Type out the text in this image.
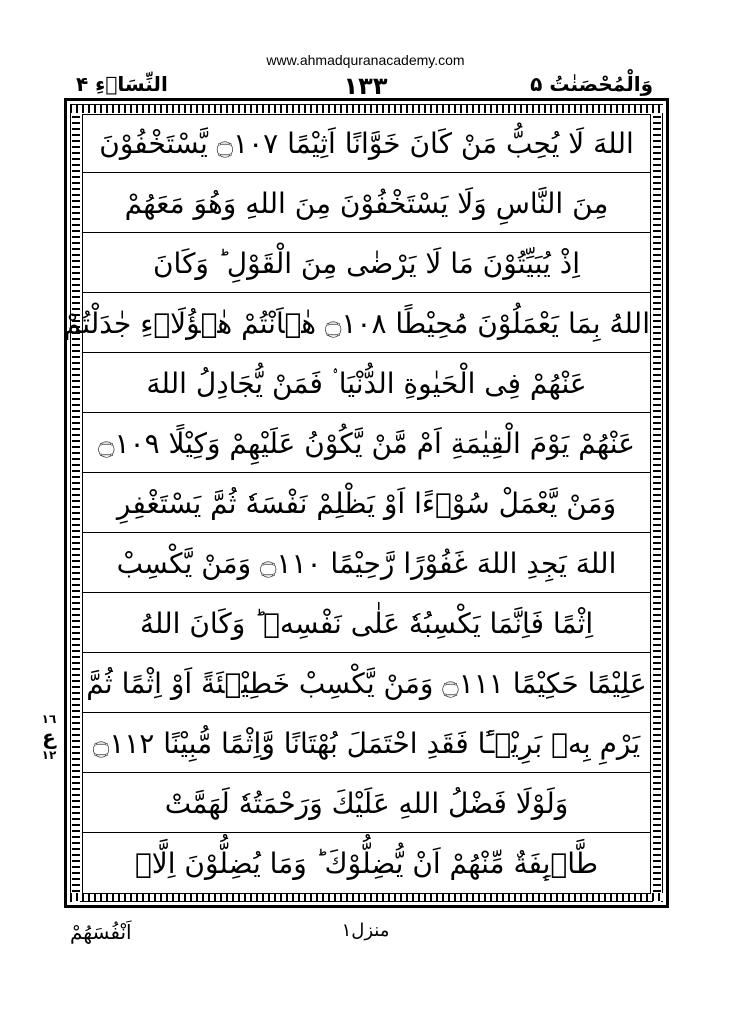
www.ahmadquranacademy.com
النِّسَاۤءِ ۴	١٣٣	وَالْمُحْصَنٰتُ ۵
اللهَ لَا يُحِبُّ مَنْ كَانَ خَوَّانًا اَثِيْمًا ۝١٠٧ يَّسْتَخْفُوْنَ
مِنَ النَّاسِ وَلَا يَسْتَخْفُوْنَ مِنَ اللهِ وَهُوَ مَعَهُمْ
اِذْ يُبَيِّتُوْنَ مَا لَا يَرْضٰى مِنَ الْقَوْلِ ؕ وَكَانَ
اللهُ بِمَا يَعْمَلُوْنَ مُحِيْطًا ۝١٠٨ هٰۤاَنْتُمْ هٰۤؤُلَاۤءِ جٰدَلْتُمْ
عَنْهُمْ فِى الْحَيٰوةِ الدُّنْيَا ۟ فَمَنْ يُّجَادِلُ اللهَ
عَنْهُمْ يَوْمَ الْقِيٰمَةِ اَمْ مَّنْ يَّكُوْنُ عَلَيْهِمْ وَكِيْلًا ۝١٠٩
وَمَنْ يَّعْمَلْ سُوْۤءًا اَوْ يَظْلِمْ نَفْسَهٗ ثُمَّ يَسْتَغْفِرِ
اللهَ يَجِدِ اللهَ غَفُوْرًا رَّحِيْمًا ۝١١٠ وَمَنْ يَّكْسِبْ
اِثْمًا فَاِنَّمَا يَكْسِبُهٗ عَلٰى نَفْسِهٖ ؕ وَكَانَ اللهُ
عَلِيْمًا حَكِيْمًا ۝١١١ وَمَنْ يَّكْسِبْ خَطِيْۤئَةً اَوْ اِثْمًا ثُمَّ
يَرْمِ بِهٖ بَرِيْۤـًٔا فَقَدِ احْتَمَلَ بُهْتَانًا وَّاِثْمًا مُّبِيْنًا ۝١١٢
وَلَوْلَا فَضْلُ اللهِ عَلَيْكَ وَرَحْمَتُهٗ لَهَمَّتْ
طَّاۤىِٕفَةٌ مِّنْهُمْ اَنْ يُّضِلُّوْكَ ؕ وَمَا يُضِلُّوْنَ اِلَّاۤ
١٦
ع
١٢
اَنْفُسَهُمْ	منزل١
